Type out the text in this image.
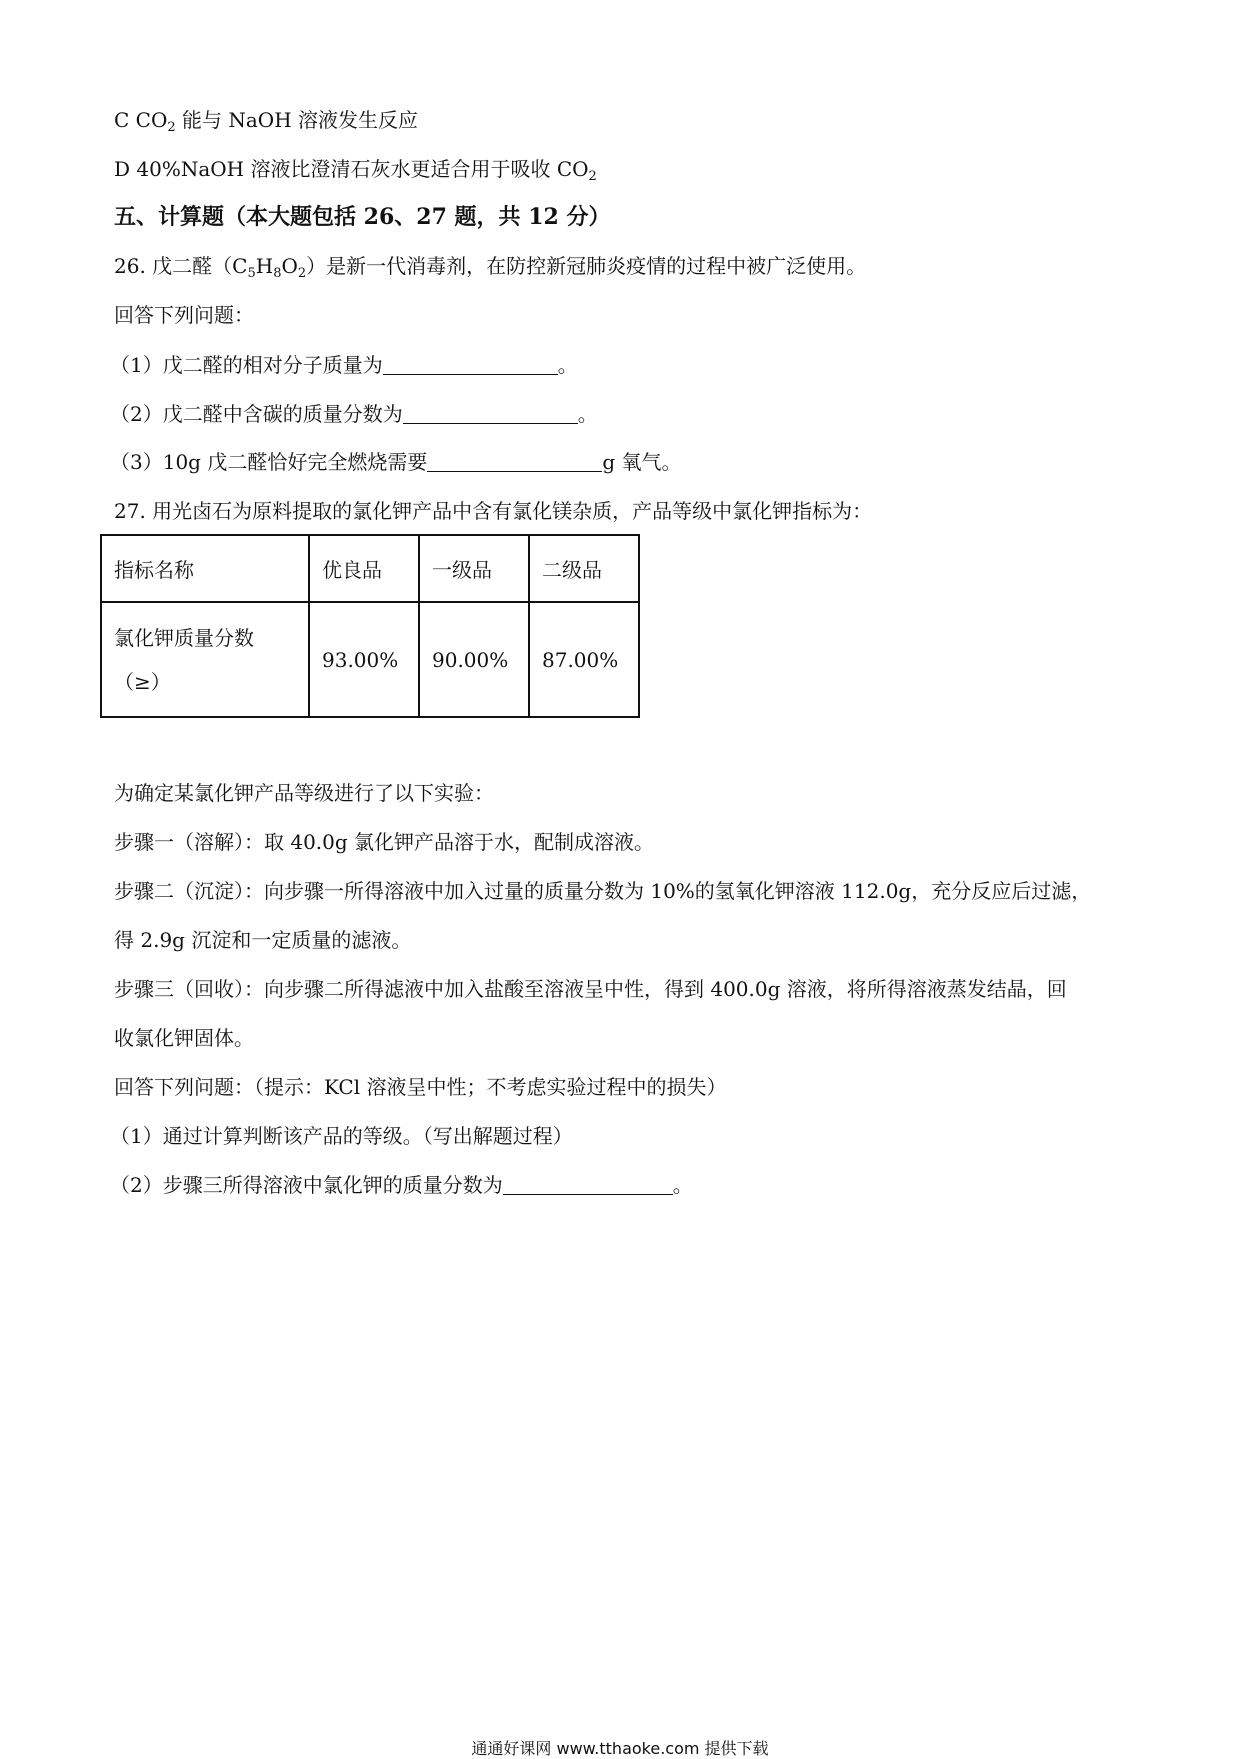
C $CO_2$ 能与 NaOH 溶液发生反应
D 40%NaOH 溶液比澄清石灰水更适合用于吸收 $CO_2$
五、计算题（本大题包括 26、27 题，共 12 分）
26. 戊二醛$(C_5H_8O_2)$是新一代消毒剂，在防控新冠肺炎疫情的过程中被广泛使用。
回答下列问题：
（1）戊二醛的相对分子质量为	。
（2）戊二醛中含碳的质量分数为	。
（3）10g 戊二醛恰好完全燃烧需要	g 氧气。
27. 用光卤石为原料提取的氯化钾产品中含有氯化镁杂质，产品等级中氯化钾指标为：
指标名称	优良品	一级品	二级品

氯化钾质量分数
（≥）	93.00%	90.00%	87.00%
为确定某氯化钾产品等级进行了以下实验：
步骤一（溶解）：取 40.0g 氯化钾产品溶于水，配制成溶液。
步骤二（沉淀）：向步骤一所得溶液中加入过量的质量分数为 10%的氢氧化钾溶液 112.0g，充分反应后过滤，
得 2.9g 沉淀和一定质量的滤液。
步骤三（回收）：向步骤二所得滤液中加入盐酸至溶液呈中性，得到 400.0g 溶液，将所得溶液蒸发结晶，回
收氯化钾固体。
回答下列问题：（提示：KCl 溶液呈中性；不考虑实验过程中的损失）
（1）通过计算判断该产品的等级。（写出解题过程）
（2）步骤三所得溶液中氯化钾的质量分数为	。
通通好课网 www.tthaoke.com 提供下载
